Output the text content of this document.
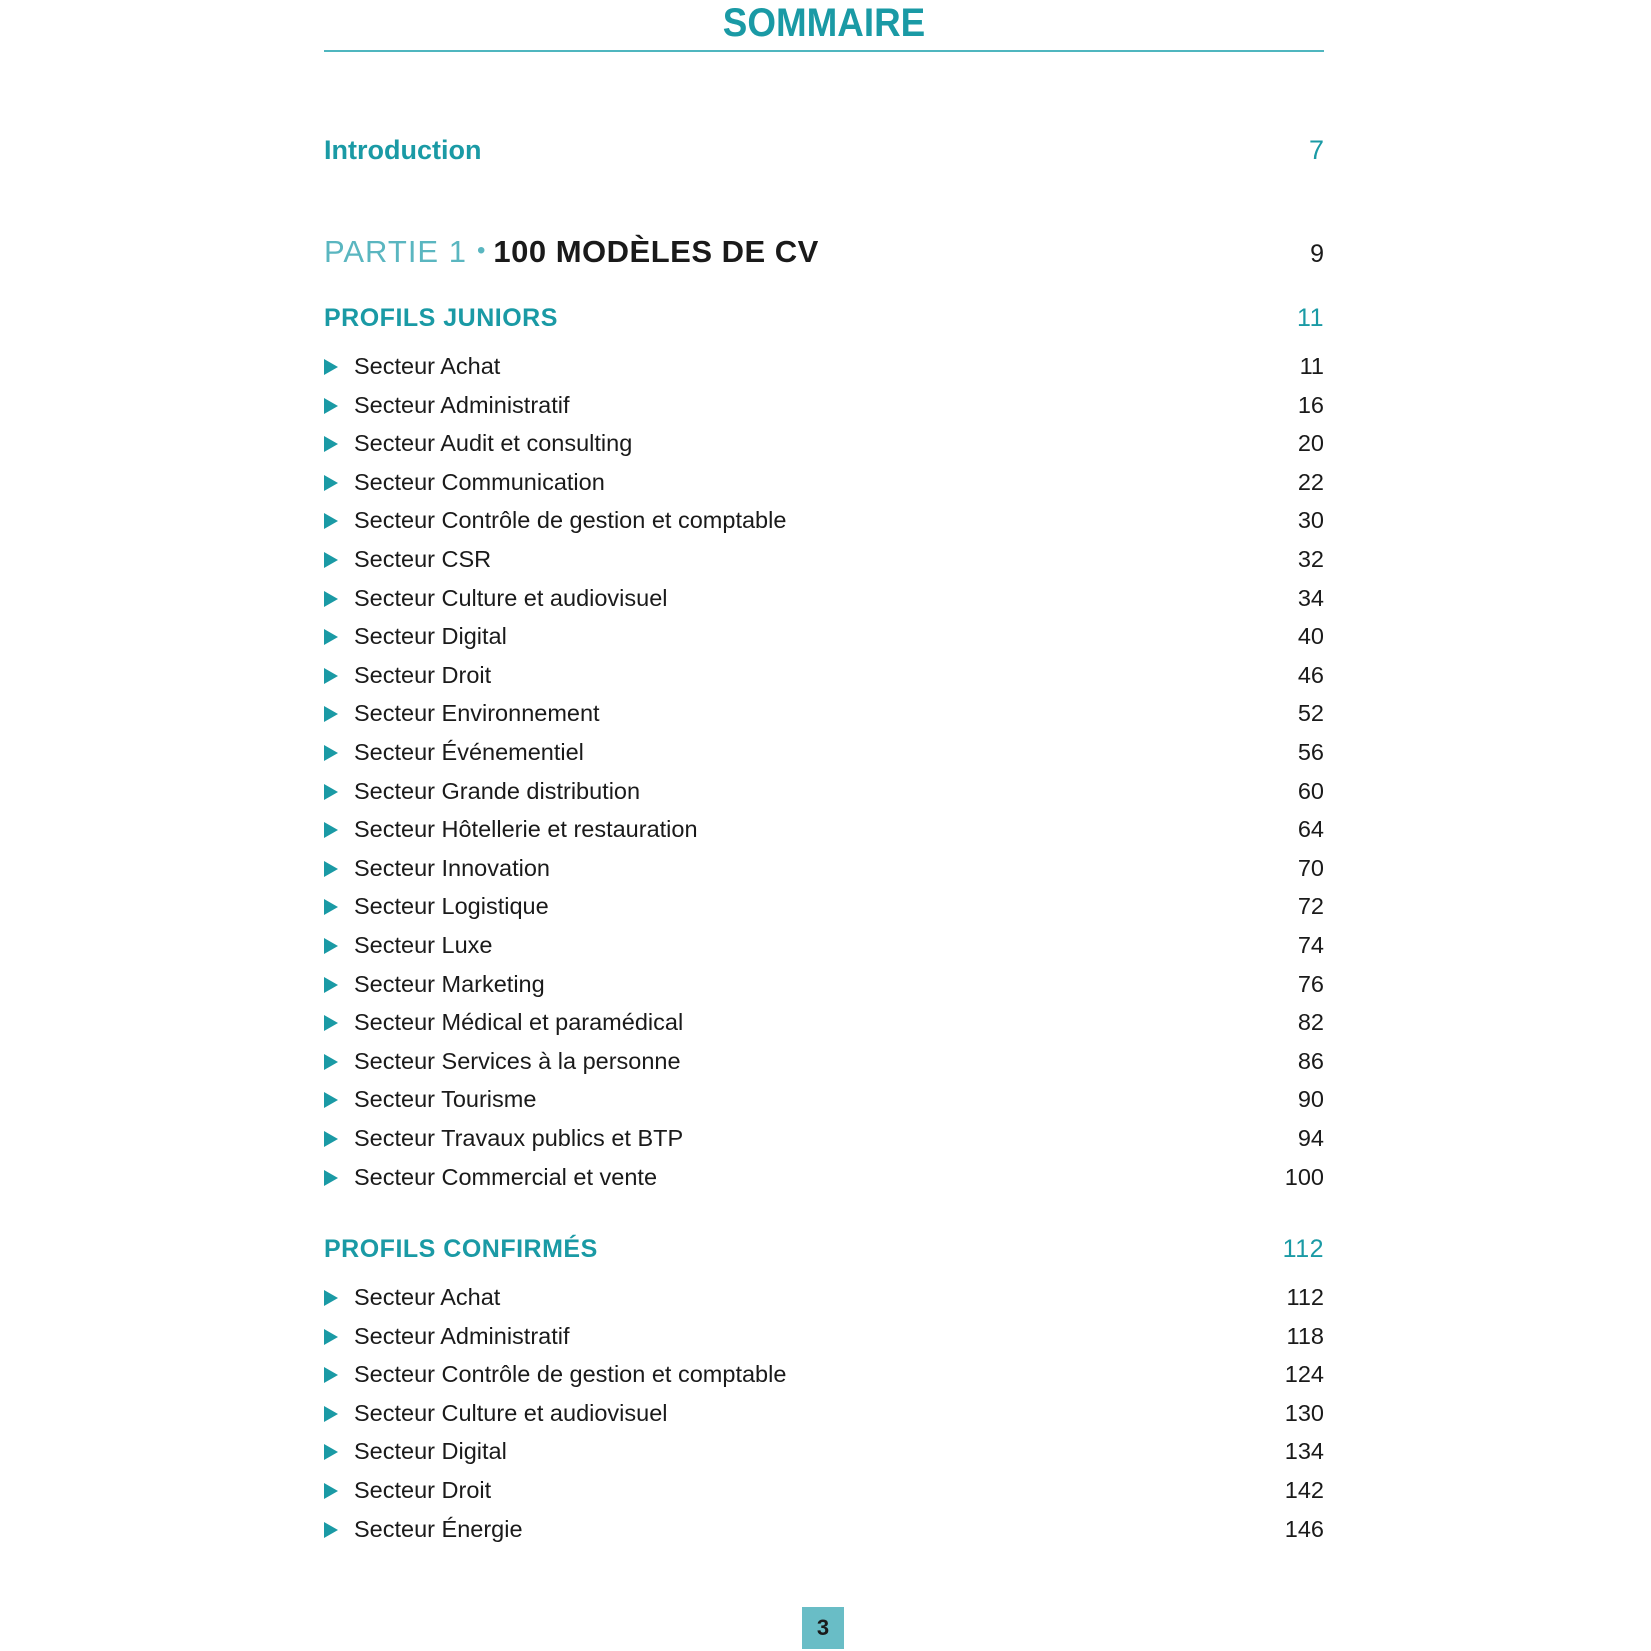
SOMMAIRE
Introduction	7
PARTIE 1 • 100 MODÈLES DE CV	9
PROFILS JUNIORS	11
Secteur Achat	11
Secteur Administratif	16
Secteur Audit et consulting	20
Secteur Communication	22
Secteur Contrôle de gestion et comptable	30
Secteur CSR	32
Secteur Culture et audiovisuel	34
Secteur Digital	40
Secteur Droit	46
Secteur Environnement	52
Secteur Événementiel	56
Secteur Grande distribution	60
Secteur Hôtellerie et restauration	64
Secteur Innovation	70
Secteur Logistique	72
Secteur Luxe	74
Secteur Marketing	76
Secteur Médical et paramédical	82
Secteur Services à la personne	86
Secteur Tourisme	90
Secteur Travaux publics et BTP	94
Secteur Commercial et vente	100
PROFILS CONFIRMÉS	112
Secteur Achat	112
Secteur Administratif	118
Secteur Contrôle de gestion et comptable	124
Secteur Culture et audiovisuel	130
Secteur Digital	134
Secteur Droit	142
Secteur Énergie	146
3
